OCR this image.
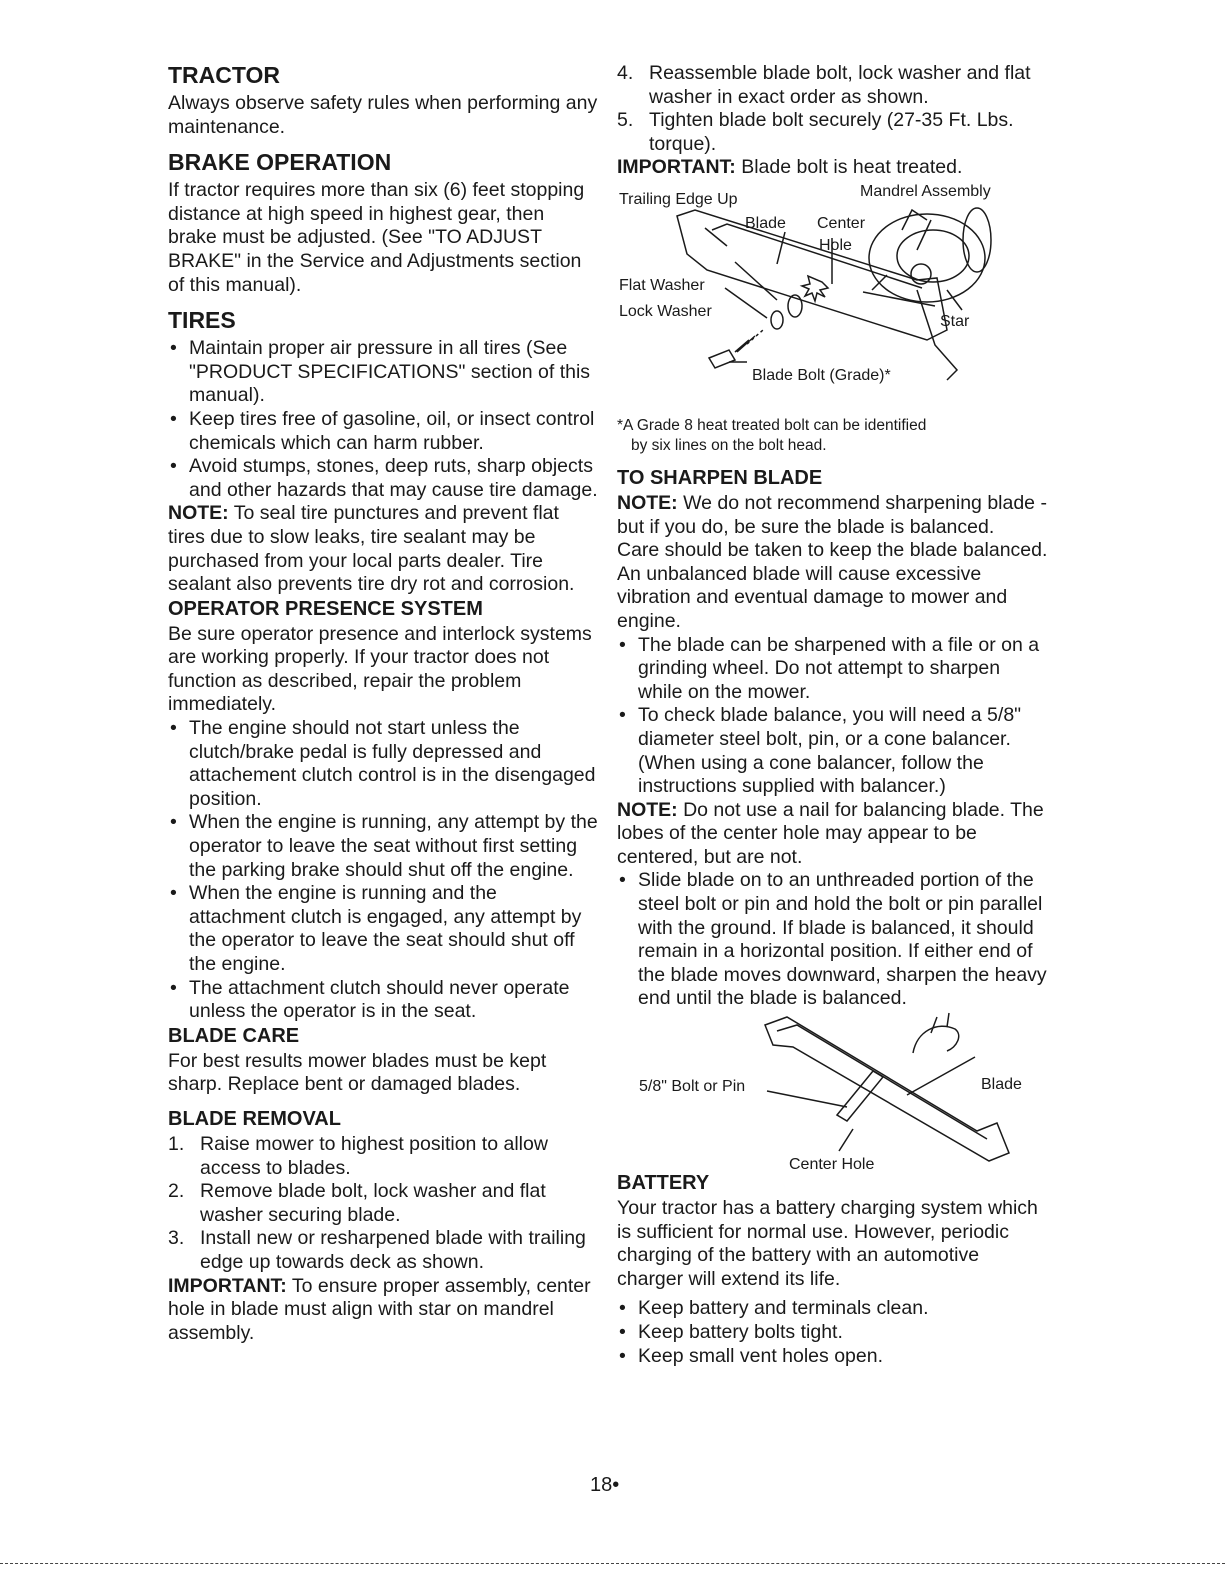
TRACTOR

Always observe safety rules when performing any maintenance.

BRAKE OPERATION

If tractor requires more than six (6) feet stopping distance at high speed in highest gear, then brake must be adjusted. (See "TO ADJUST BRAKE" in the Service and Adjustments section of this manual).

TIRES
• Maintain proper air pressure in all tires (See "PRODUCT SPECIFICATIONS" section of this manual).
• Keep tires free of gasoline, oil, or insect control chemicals which can harm rubber.
• Avoid stumps, stones, deep ruts, sharp objects and other hazards that may cause tire damage.

NOTE: To seal tire punctures and prevent flat tires due to slow leaks, tire sealant may be purchased from your local parts dealer. Tire sealant also prevents tire dry rot and corrosion.

OPERATOR PRESENCE SYSTEM

Be sure operator presence and interlock systems are working properly. If your tractor does not function as described, repair the problem immediately.

• The engine should not start unless the clutch/brake pedal is fully depressed and attachement clutch control is in the disengaged position.
• When the engine is running, any attempt by the operator to leave the seat without first setting the parking brake should shut off the engine.
• When the engine is running and the attachment clutch is engaged, any attempt by the operator to leave the seat should shut off the engine.
• The attachment clutch should never operate unless the operator is in the seat.
BLADE CARE

For best results mower blades must be kept sharp. Replace bent or damaged blades.

BLADE REMOVAL
1. Raise mower to highest position to allow access to blades.
2. Remove blade bolt, lock washer and flat washer securing blade.
3. Install new or resharpened blade with trailing edge up towards deck as shown.

IMPORTANT: To ensure proper assembly, center hole in blade must align with star on mandrel assembly.

4. Reassemble blade bolt, lock washer and flat washer in exact order as shown.
5. Tighten blade bolt securely (27-35 Ft. Lbs. torque).

IMPORTANT: Blade bolt is heat treated.

Trailing Edge Up	Mandrel Assembly
Blade Center
Hole
Flat Washer
Lock Washer
Star
Blade Bolt (Grade)*

*A Grade 8 heat treated bolt can be identified
by six lines on the bolt head.

TO SHARPEN BLADE

NOTE: We do not recommend sharpening blade - but if you do, be sure the blade is balanced.

Care should be taken to keep the blade balanced. An unbalanced blade will cause excessive vibration and eventual damage to mower and engine.

• The blade can be sharpened with a file or on a grinding wheel. Do not attempt to sharpen while on the mower.
• To check blade balance, you will need a 5/8" diameter steel bolt, pin, or a cone balancer. (When using a cone balancer, follow the instructions supplied with balancer.)

NOTE: Do not use a nail for balancing blade. The lobes of the center hole may appear to be centered, but are not.

• Slide blade on to an unthreaded portion of the steel bolt or pin and hold the bolt or pin parallel with the ground. If blade is balanced, it should remain in a horizontal position. If either end of the blade moves downward, sharpen the heavy end until the blade is balanced.
5/8" Bolt or Pin	Blade
Center Hole
BATTERY

Your tractor has a battery charging system which is sufficient for normal use. However, periodic charging of the battery with an automotive charger will extend its life.

• Keep battery and terminals clean.
• Keep battery bolts tight.
• Keep small vent holes open.
18•
